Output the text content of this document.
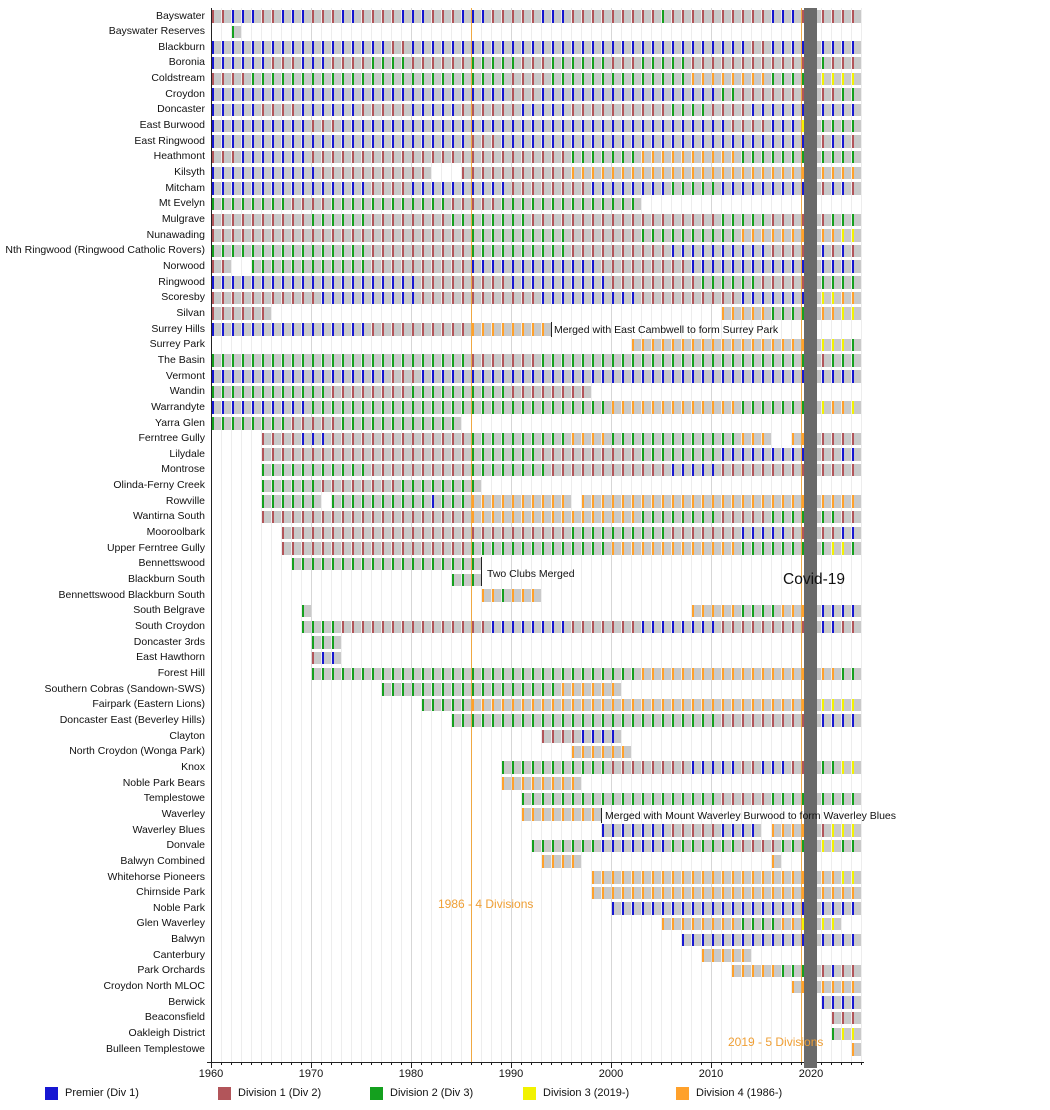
Bayswater
Bayswater Reserves
Blackburn
Boronia
Coldstream
Croydon
Doncaster
East Burwood
East Ringwood
Heathmont
Kilsyth
Mitcham
Mt Evelyn
Mulgrave
Nunawading
Nth Ringwood (Ringwood Catholic Rovers)
Norwood
Ringwood
Scoresby
Silvan
Surrey Hills
Surrey Park
The Basin
Vermont
Wandin
Warrandyte
Yarra Glen
Ferntree Gully
Lilydale
Montrose
Olinda-Ferny Creek
Rowville
Wantirna South
Mooroolbark
Upper Ferntree Gully
Bennettswood
Blackburn South
Bennettswood Blackburn South
South Belgrave
South Croydon
Doncaster 3rds
East Hawthorn
Forest Hill
Southern Cobras (Sandown-SWS)
Fairpark (Eastern Lions)
Doncaster East (Beverley Hills)
Clayton
North Croydon (Wonga Park)
Knox
Noble Park Bears
Templestowe
Waverley
Waverley Blues
Donvale
Balwyn Combined
Whitehorse Pioneers
Chirnside Park
Noble Park
Glen Waverley
Balwyn
Canterbury
Park Orchards
Croydon North MLOC
Berwick
Beaconsfield
Oakleigh District
Bulleen Templestowe
Merged with East Cambwell to form Surrey Park
Two Clubs Merged
Merged with Mount Waverley Burwood to form Waverley Blues
Covid-19
1986 - 4 Divisions
2019 - 5 Divisions
1960	1970	1980	1990	2000	2010	2020
Premier (Div 1)	Division 1 (Div 2)	Division 2 (Div 3)	Division 3 (2019-)	Division 4 (1986-)
